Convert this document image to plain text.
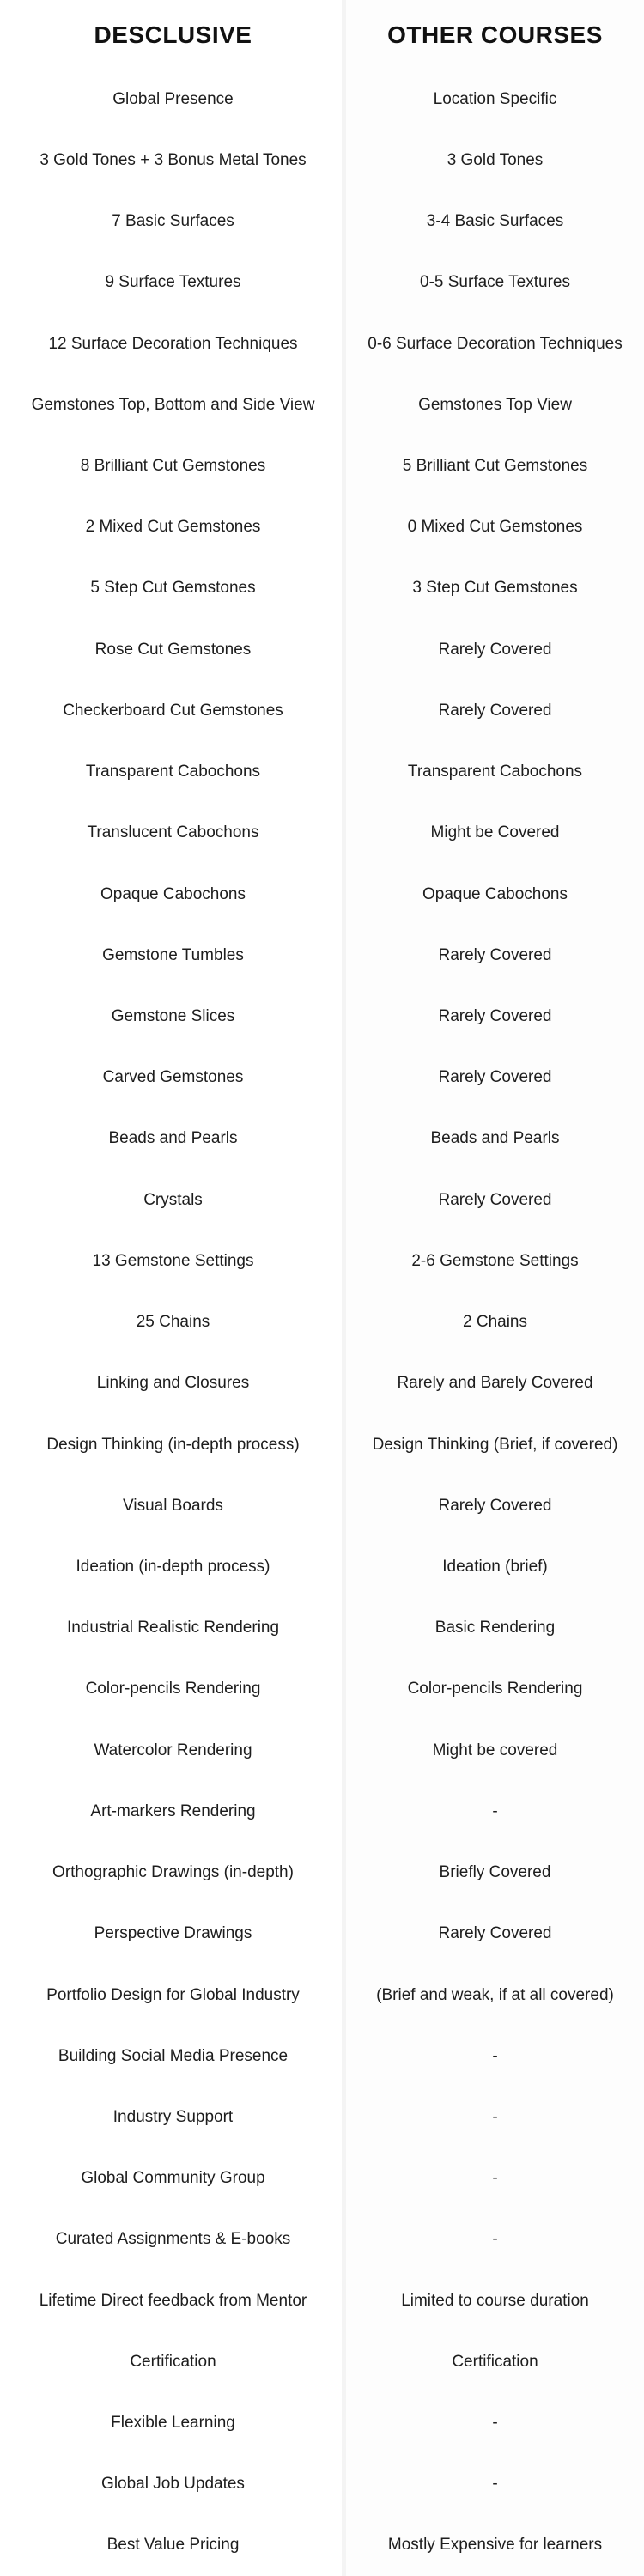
DESCLUSIVE	OTHER COURSES
Global Presence	Location Specific
3 Gold Tones + 3 Bonus Metal Tones	3 Gold Tones
7 Basic Surfaces	3-4 Basic Surfaces
9 Surface Textures	0-5 Surface Textures
12 Surface Decoration Techniques	0-6 Surface Decoration Techniques
Gemstones Top, Bottom and Side View	Gemstones Top View
8 Brilliant Cut Gemstones	5 Brilliant Cut Gemstones
2 Mixed Cut Gemstones	0 Mixed Cut Gemstones
5 Step Cut Gemstones	3 Step Cut Gemstones
Rose Cut Gemstones	Rarely Covered
Checkerboard Cut Gemstones	Rarely Covered
Transparent Cabochons	Transparent Cabochons
Translucent Cabochons	Might be Covered
Opaque Cabochons	Opaque Cabochons
Gemstone Tumbles	Rarely Covered
Gemstone Slices	Rarely Covered
Carved Gemstones	Rarely Covered
Beads and Pearls	Beads and Pearls
Crystals	Rarely Covered
13 Gemstone Settings	2-6 Gemstone Settings
25 Chains	2 Chains
Linking and Closures	Rarely and Barely Covered
Design Thinking (in-depth process)	Design Thinking (Brief, if covered)
Visual Boards	Rarely Covered
Ideation (in-depth process)	Ideation (brief)
Industrial Realistic Rendering	Basic Rendering
Color-pencils Rendering	Color-pencils Rendering
Watercolor Rendering	Might be covered
Art-markers Rendering	-
Orthographic Drawings (in-depth)	Briefly Covered
Perspective Drawings	Rarely Covered
Portfolio Design for Global Industry	(Brief and weak, if at all covered)
Building Social Media Presence	-
Industry Support	-
Global Community Group	-
Curated Assignments & E-books	-
Lifetime Direct feedback from Mentor	Limited to course duration
Certification	Certification
Flexible Learning	-
Global Job Updates	-
Best Value Pricing	Mostly Expensive for learners
